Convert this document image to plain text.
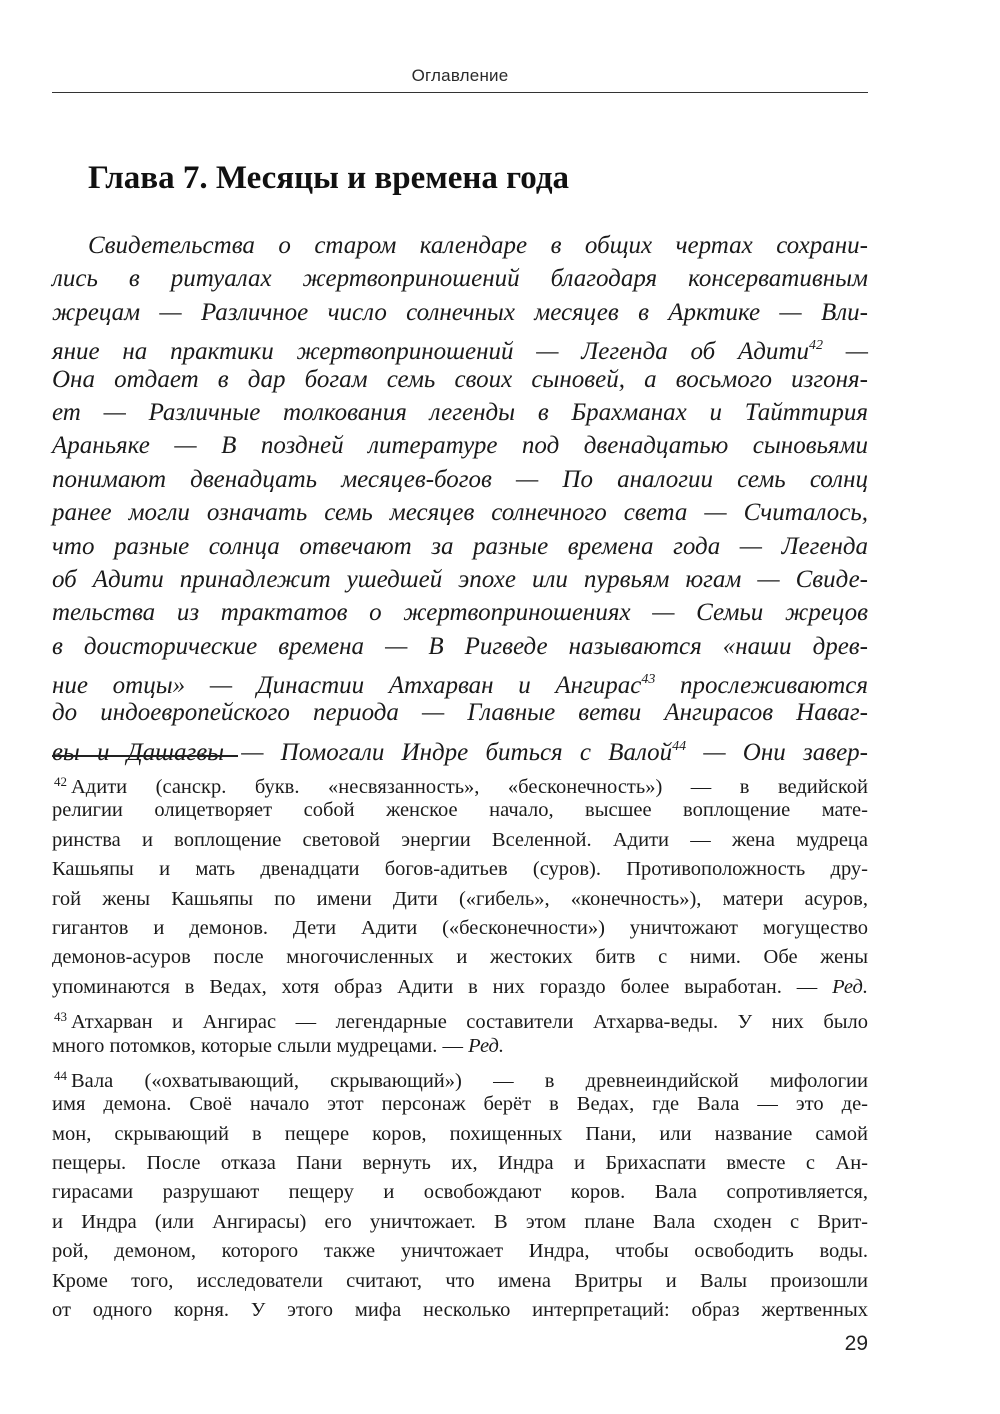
Оглавление
Глава 7. Месяцы и времена года
Свидетельства о старом календаре в общих чертах сохрани-
лись в ритуалах жертвоприношений благодаря консервативным
жрецам — Различное число солнечных месяцев в Арктике — Вли-
яние на практики жертвоприношений — Легенда об Адити$^{42}$ —
Она отдает в дар богам семь своих сыновей, а восьмого изгоня-
ет — Различные толкования легенды в Брахманах и Тайттирия
Араньяке — В поздней литературе под двенадцатью сыновьями
понимают двенадцать месяцев-богов — По аналогии семь солнц
ранее могли означать семь месяцев солнечного света — Считалось,
что разные солнца отвечают за разные времена года — Легенда
об Адити принадлежит ушедшей эпохе или пурвьям югам — Свиде-
тельства из трактатов о жертвоприношениях — Семьи жрецов
в доисторические времена — В Ригведе называются «наши древ-
ние отцы» — Династии Атхарван и Ангирас$^{43}$ прослеживаются
до индоевропейского периода — Главные ветви Ангирасов Наваг-
вы и Дашагвы — Помогали Индре биться с Валой$^{44}$ — Они завер-
$^{42}$ Адити (санскр. букв. «несвязанность», «бесконечность») — в ведийской
религии олицетворяет собой женское начало, высшее воплощение мате-
ринства и воплощение световой энергии Вселенной. Адити — жена мудреца
Кашьяпы и мать двенадцати богов-адитьев (суров). Противоположность дру-
гой жены Кашьяпы по имени Дити («гибель», «конечность»), матери асуров,
гигантов и демонов. Дети Адити («бесконечности») уничтожают могущество
демонов-асуров после многочисленных и жестоких битв с ними. Обе жены
упоминаются в Ведах, хотя образ Адити в них гораздо более выработан. — Ред.
$^{43}$ Атхарван и Ангирас — легендарные составители Атхарва-веды. У них было
много потомков, которые слыли мудрецами. — Ред.
$^{44}$ Вала («охватывающий, скрывающий») — в древнеиндийской мифологии
имя демона. Своё начало этот персонаж берёт в Ведах, где Вала — это де-
мон, скрывающий в пещере коров, похищенных Пани, или название самой
пещеры. После отказа Пани вернуть их, Индра и Брихаспати вместе с Ан-
гирасами разрушают пещеру и освобождают коров. Вала сопротивляется,
и Индра (или Ангирасы) его уничтожает. В этом плане Вала сходен с Врит-
рой, демоном, которого также уничтожает Индра, чтобы освободить воды.
Кроме того, исследователи считают, что имена Вритры и Валы произошли
от одного корня. У этого мифа несколько интерпретаций: образ жертвенных
29
